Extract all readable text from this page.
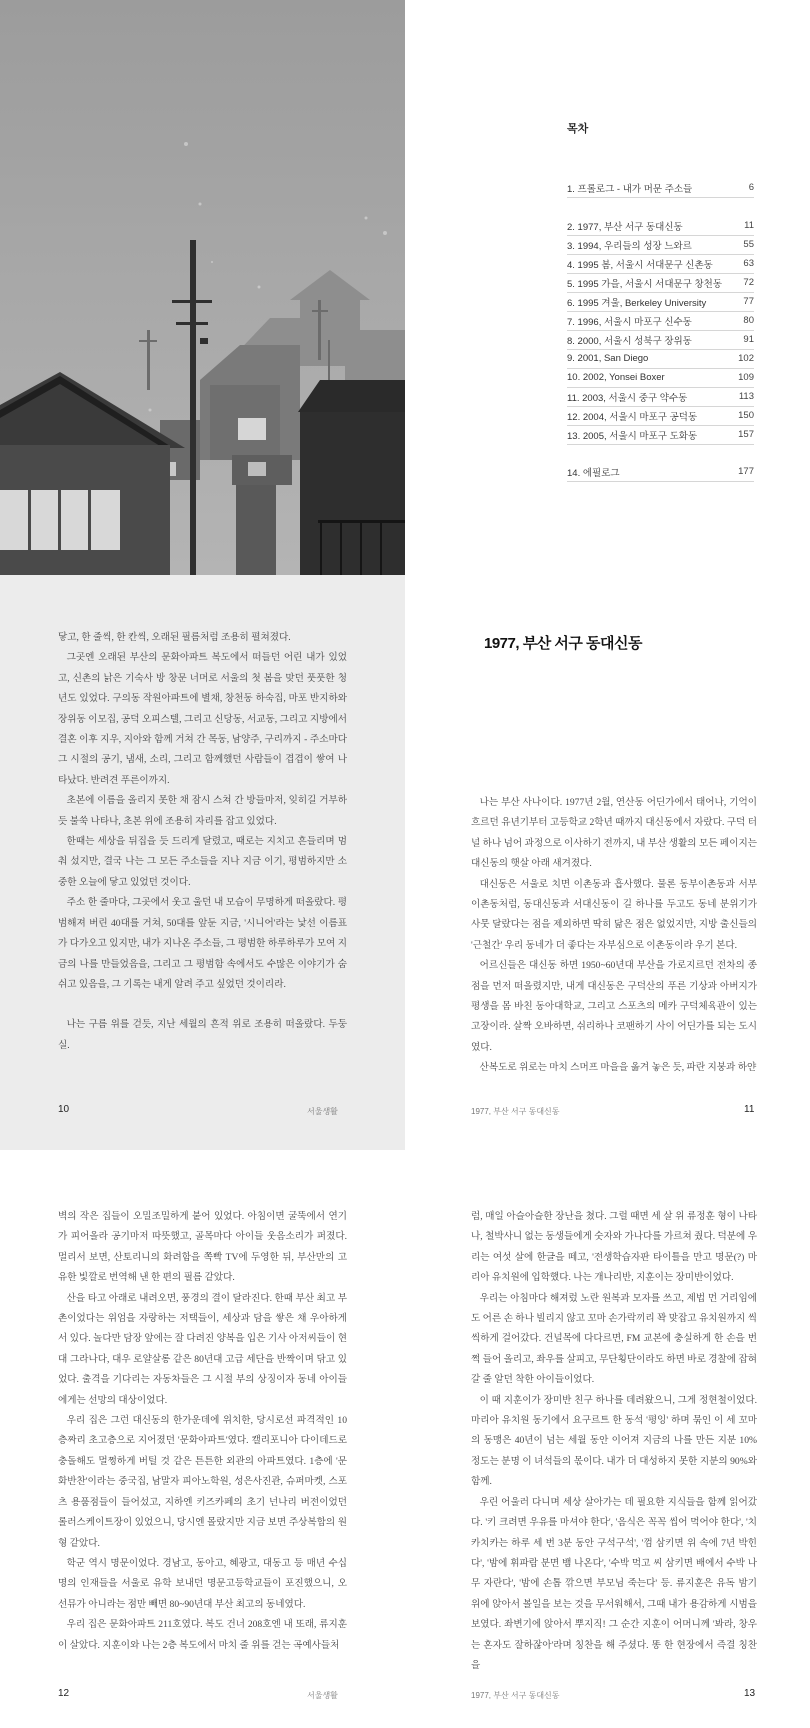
목차
1. 프롤로그 - 내가 머문 주소들	6
2. 1977, 부산 서구 동대신동	11
3. 1994, 우리들의 성장 느와르	55
4. 1995 봄, 서울시 서대문구 신촌동	63
5. 1995 가을, 서울시 서대문구 창천동 72
6. 1995 겨울, Berkeley University	77
7. 1996, 서울시 마포구 신수동	80
8. 2000, 서울시 성북구 장위동	91
9. 2001, San Diego	102
10. 2002, Yonsei Boxer	109
11. 2003, 서울시 중구 약수동	113
12. 2004, 서울시 마포구 공덕동	150
13. 2005, 서울시 마포구 도화동	157
14. 에필로그	177

닿고, 한 줄씩, 한 칸씩, 오래된 필름처럼 조용히 펼쳐졌다.

그곳엔 오래된 부산의 문화아파트 복도에서 떠들던 어린 내가 있었고, 신촌의 낡은 기숙사 방 창문 너머로 서울의 첫 봄을 맞던 풋풋한 청년도 있었다. 구의동 작원아파트에 별채, 창천동 하숙집, 마포 반지하와 장위동 이모집, 공덕 오피스텔, 그리고 신당동, 서교동, 그리고 지방에서 결혼 이후 지우, 지아와 함께 거쳐 간 목동, 남양주, 구리까지 - 주소마다 그 시절의 공기, 냄새, 소리, 그리고 함께했던 사람들이 겹겹이 쌓여 나타났다. 반려견 푸른이까지.

초본에 이름을 올리지 못한 채 잠시 스쳐 간 방들마저, 잊히길 거부하듯 불쑥 나타나, 초본 위에 조용히 자리를 잡고 있었다.

한때는 세상을 뒤집을 듯 드리게 달렸고, 때로는 지치고 흔들리며 멈춰 섰지만, 결국 나는 그 모든 주소들을 지나 지금 이기, 평범하지만 소중한 오늘에 닿고 있었던 것이다.

주소 한 줄마다, 그곳에서 웃고 울던 내 모습이 무명하게 떠올랐다. 평범해져 버린 40대를 거쳐, 50대를 앞둔 지금, '시니어'라는 낯선 이름표가 다가오고 있지만, 내가 지나온 주소들, 그 평범한 하루하루가 모여 지금의 나를 만들었음을, 그리고 그 평범함 속에서도 수많은 이야기가 숨 쉬고 있음을, 그 기록는 내게 알려 주고 싶었던 것이리라.

나는 구름 위를 걷듯, 지난 세월의 흔적 위로 조용히 떠올랐다. 두둥실.

10	서울생활
1977, 부산 서구 동대신동

나는 부산 사나이다. 1977년 2월, 연산동 어딘가에서 태어나, 기억이 흐르던 유년기부터 고등학교 2학년 때까지 대신동에서 자랐다. 구덕 터널 하나 넘어 과정으로 이사하기 전까지, 내 부산 생활의 모든 페이지는 대신동의 햇살 아래 새겨졌다.

대신동은 서울로 치면 이촌동과 흡사했다. 물론 동부이촌동과 서부이촌동처럼, 동대신동과 서대신동이 길 하나를 두고도 동네 분위기가 사뭇 달랐다는 점을 제외하면 딱히 닮은 점은 없었지만, 지방 출신들의 '근철간' 우리 동네가 더 좋다는 자부심으로 이촌동이라 우기 본다.

어르신들은 대신동 하면 1950~60년대 부산을 가로지르던 전차의 종점을 먼저 떠올렸지만, 내게 대신동은 구덕산의 푸른 기상과 아버지가 평생을 몸 바친 동아대학교, 그리고 스포츠의 메카 구덕체육관이 있는 고장이라. 살짝 오바하면, 쉬리하나 코팬하기 사이 어딘가를 되는 도시였다.

산복도로 위로는 마치 스머프 마을을 옮겨 놓은 듯, 파란 지붕과 하얀

1977, 부산 서구 동대신동	11

벽의 작은 집들이 오밀조밀하게 붙어 있었다. 아침이면 굴뚝에서 연기가 피어올라 공기마저 따뜻했고, 골목마다 아이들 웃음소리가 퍼졌다. 멀리서 보면, 산토리니의 화려함을 쪽빡 TV에 두영한 뒤, 부산만의 고유한 빛깔로 번역해 낸 한 편의 필름 같았다.

산을 타고 아래로 내려오면, 풍경의 결이 달라진다. 한때 부산 최고 부촌이었다는 위엄을 자랑하는 저택들이, 세상과 담을 쌓은 채 우아하게 서 있다. 놀다만 담장 앞에는 잘 다려진 양복을 입은 기사 아저씨들이 현대 그라나다, 대우 로얄살롱 같은 80년대 고급 세단을 반짝이며 닦고 있었다. 출격을 기다리는 자동차들은 그 시절 부의 상징이자 동네 아이들에게는 선망의 대상이었다.

우리 집은 그런 대신동의 한가운데에 위치한, 당시로선 파격적인 10층짜리 초고층으로 지어졌던 '문화아파트'였다. 캘리포니아 다이데드로 충돌해도 멀쩡하게 버틸 것 같은 튼튼한 외관의 아파트였다. 1층에 '문화반찬'이라는 중국집, 남말자 피아노학원, 성은사진관, 슈퍼마켓, 스포츠 용품점들이 들어섰고, 지하엔 키즈카페의 초기 넌나리 버전이었던 롤러스케이트장이 있었으니, 당시엔 몰랐지만 지금 보면 주상복합의 원형 같았다.

학군 역시 명문이었다. 경남고, 동아고, 혜광고, 대동고 등 매년 수십 명의 인재들을 서울로 유학 보내던 명문고등학교들이 포진했으니, 오 선뮤가 아니라는 점만 빼면 80~90년대 부산 최고의 동네였다.

우리 집은 문화아파트 211호였다. 복도 건너 208호엔 내 또래, 류지훈이 살았다. 지훈이와 나는 2층 복도에서 마치 줄 위를 걷는 곡예사들처

12	서울생활

럼, 매일 아슬아슬한 장난을 쳤다. 그럴 때면 세 살 위 류정훈 형이 나타나, 철박사니 없는 동생들에게 숫자와 가나다를 가르쳐 줬다. 덕분에 우리는 여섯 살에 한글을 떼고, '전생학습자판 타이틀을 만고 명문(?) 마리아 유치원에 입학했다. 나는 개나리반, 지훈이는 장미반이었다.

우리는 아침마다 해져렀 노란 원복과 모자를 쓰고, 제법 먼 거리임에도 어른 손 하나 빌리지 않고 꼬마 손가락끼리 꽉 맞잡고 유치원까지 씩씩하게 걸어갔다. 건널목에 다다르면, FM 교본에 충실하게 한 손을 번쩍 들어 올리고, 좌우를 살피고, 무단횡단이라도 하면 바로 경찰에 잡혀갈 줄 알던 착한 아이들이었다.

이 때 지훈이가 장미반 친구 하나를 데려왔으니, 그게 정현철이었다. 마리아 유치원 동기에서 요구르트 한 동석 '평잉' 하며 묶인 이 세 꼬마의 동맹은 40년이 넘는 세월 동안 이어져 지금의 나를 만든 지분 10% 정도는 분명 이 녀석들의 몫이다. 내가 더 대성하지 못한 지분의 90%와 함께.

우린 어울러 다니며 세상 살아가는 데 필요한 지식들을 함께 읽어갔다. '키 크려면 우유를 마셔야 한다', '음식은 꼭꼭 씹어 먹어야 한다', '치카치카는 하루 세 번 3분 동안 구석구석', '껌 삼키면 위 속에 7년 박힌다', '밤에 휘파람 분면 뱀 나온다', '수박 먹고 씨 삼키면 배에서 수박 나무 자란다', '밤에 손톱 깎으면 부모님 죽는다' 등. 류지훈은 유독 밤기 위에 앉아서 볼일을 보는 것을 무서워해서, 그때 내가 용감하게 시범을 보였다. 좌변기에 앉아서 뿌지직! 그 순간 지훈이 어머니께 '봐라, 창우는 혼자도 잘하잖아'라며 칭찬을 해 주셨다. 똥 한 현장에서 즉결 칭찬을

1977, 부산 서구 동대신동	13
